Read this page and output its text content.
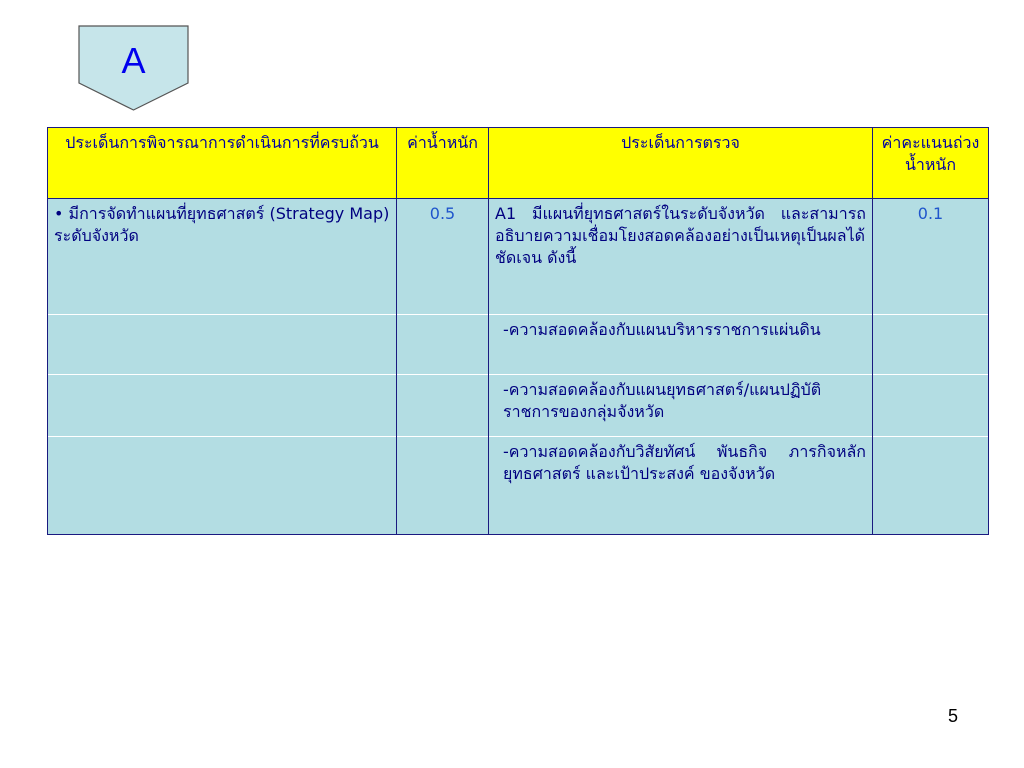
A
ประเด็นการพิจารณาการดำเนินการที่ครบถ้วน	ค่าน้ำหนัก	ประเด็นการตรวจ	ค่าคะแนนถ่วงน้ำหนัก
• มีการจัดทำแผนที่ยุทธศาสตร์ (Strategy Map) ระดับจังหวัด	0.5	A1 มีแผนที่ยุทธศาสตร์ในระดับจังหวัด และสามารถอธิบายความเชื่อมโยงสอดคล้องอย่างเป็นเหตุเป็นผลได้ชัดเจน ดังนี้	0.1
		-ความสอดคล้องกับแผนบริหารราชการแผ่นดิน	
		-ความสอดคล้องกับแผนยุทธศาสตร์/แผนปฏิบัติราชการของกลุ่มจังหวัด	
		-ความสอดคล้องกับวิสัยทัศน์ พันธกิจ ภารกิจหลัก ยุทธศาสตร์ และเป้าประสงค์ ของจังหวัด	
5
